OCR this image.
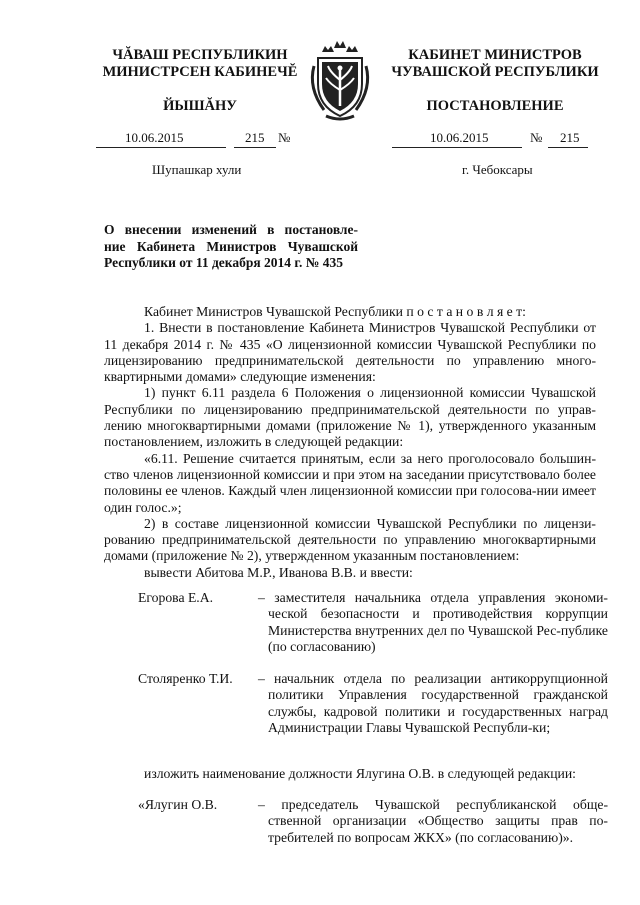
ЧĂВАШ РЕСПУБЛИКИН
МИНИСТРСЕН КАБИНЕЧĔ
ЙЫШĂНУ
КАБИНЕТ МИНИСТРОВ
ЧУВАШСКОЙ РЕСПУБЛИКИ
ПОСТАНОВЛЕНИЕ
10.06.2015	215 №	10.06.2015	№ 215
Шупашкар хули	г. Чебоксары
О внесении изменений в постановле-
ние Кабинета Министров Чувашской
Республики от 11 декабря 2014 г. № 435

Кабинет Министров Чувашской Республики п о с т а н о в л я е т:

1. Внести в постановление Кабинета Министров Чувашской Республики от 11 декабря 2014 г. № 435 «О лицензионной комиссии Чувашской Республики по лицензированию предпринимательской деятельности по управлению много-квартирными домами» следующие изменения:

1) пункт 6.11 раздела 6 Положения о лицензионной комиссии Чувашской Республики по лицензированию предпринимательской деятельности по управ-лению многоквартирными домами (приложение № 1), утвержденного указанным постановлением, изложить в следующей редакции:

«6.11. Решение считается принятым, если за него проголосовало большин-ство членов лицензионной комиссии и при этом на заседании присутствовало более половины ее членов. Каждый член лицензионной комиссии при голосова-нии имеет один голос.»;

2) в составе лицензионной комиссии Чувашской Республики по лицензи-рованию предпринимательской деятельности по управлению многоквартирными домами (приложение № 2), утвержденном указанным постановлением:

вывести Абитова М.Р., Иванова В.В. и ввести:

Егорова Е.А.	– заместителя начальника отдела управления экономи-ческой безопасности и противодействия коррупции Министерства внутренних дел по Чувашской Рес-публике (по согласованию)
Столяренко Т.И. – начальник отдела по реализации антикоррупционной политики Управления государственной гражданской службы, кадровой политики и государственных наград Администрации Главы Чувашской Республи-ки;
изложить наименование должности Ялугина О.В. в следующей редакции:
«Ялугин О.В.	– председатель Чувашской республиканской обще-ственной организации «Общество защиты прав по-требителей по вопросам ЖКХ» (по согласованию)».
